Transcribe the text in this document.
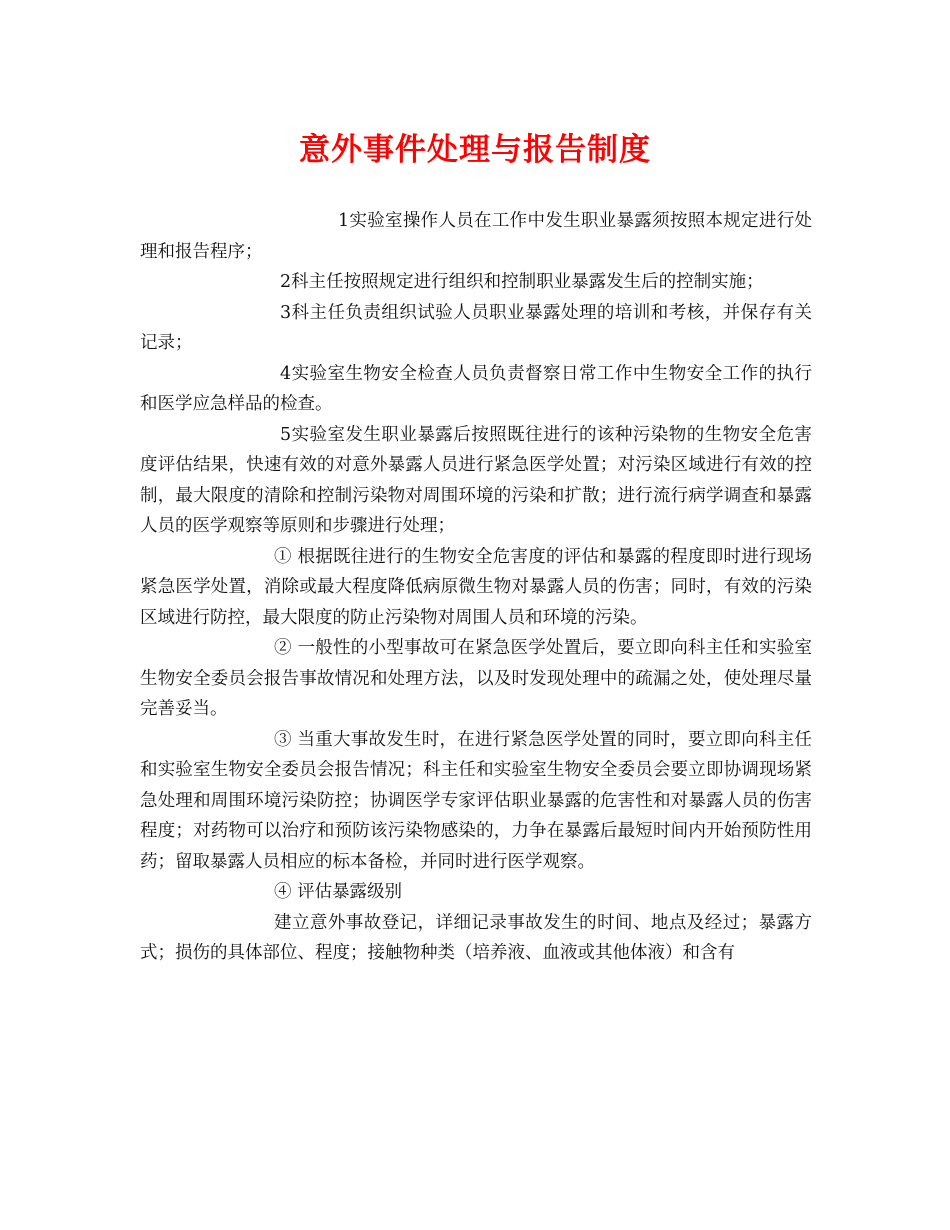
意外事件处理与报告制度

1实验室操作人员在工作中发生职业暴露须按照本规定进行处理和报告程序；

2科主任按照规定进行组织和控制职业暴露发生后的控制实施；

3科主任负责组织试验人员职业暴露处理的培训和考核，并保存有关记录；

4实验室生物安全检查人员负责督察日常工作中生物安全工作的执行和医学应急样品的检查。

5实验室发生职业暴露后按照既往进行的该种污染物的生物安全危害度评估结果，快速有效的对意外暴露人员进行紧急医学处置；对污染区域进行有效的控制，最大限度的清除和控制污染物对周围环境的污染和扩散；进行流行病学调查和暴露人员的医学观察等原则和步骤进行处理；

① 根据既往进行的生物安全危害度的评估和暴露的程度即时进行现场紧急医学处置，消除或最大程度降低病原微生物对暴露人员的伤害；同时，有效的污染区域进行防控，最大限度的防止污染物对周围人员和环境的污染。

② 一般性的小型事故可在紧急医学处置后，要立即向科主任和实验室生物安全委员会报告事故情况和处理方法，以及时发现处理中的疏漏之处，使处理尽量完善妥当。

③ 当重大事故发生时，在进行紧急医学处置的同时，要立即向科主任和实验室生物安全委员会报告情况；科主任和实验室生物安全委员会要立即协调现场紧急处理和周围环境污染防控；协调医学专家评估职业暴露的危害性和对暴露人员的伤害程度；对药物可以治疗和预防该污染物感染的，力争在暴露后最短时间内开始预防性用药；留取暴露人员相应的标本备检，并同时进行医学观察。

④ 评估暴露级别

建立意外事故登记，详细记录事故发生的时间、地点及经过；暴露方式；损伤的具体部位、程度；接触物种类（培养液、血液或其他体液）和含有
